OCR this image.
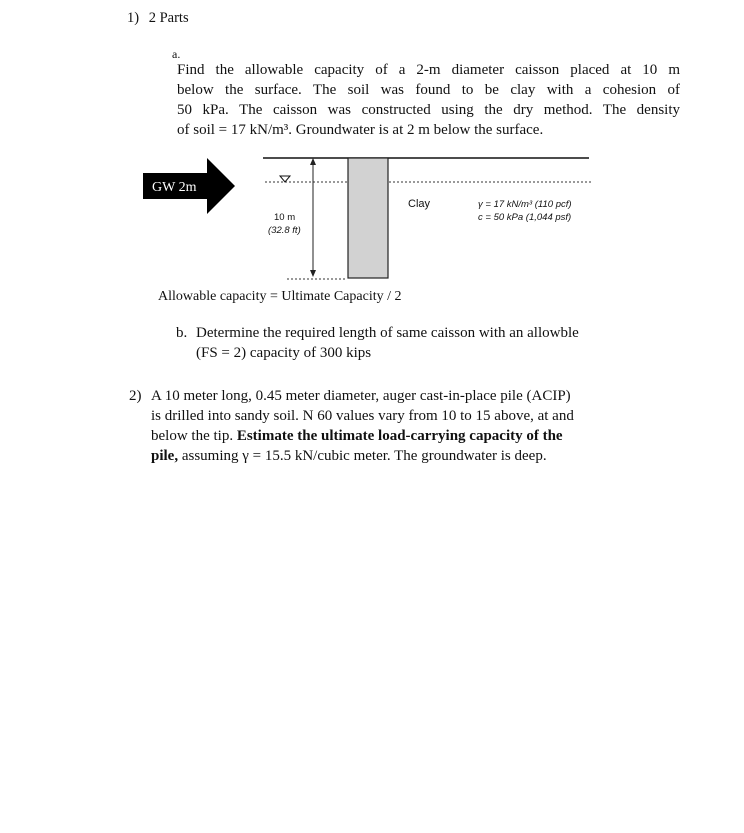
1) 2 Parts
a.
Find the allowable capacity of a 2-m diameter caisson placed at 10 m
below the surface. The soil was found to be clay with a cohesion of
50 kPa. The caisson was constructed using the dry method. The density
of soil = 17 kN/m³. Groundwater is at 2 m below the surface.
GW 2m
10 m
(32.8 ft)
Clay	γ = 17 kN/m³ (110 pcf)
c = 50 kPa (1,044 psf)
Allowable capacity = Ultimate Capacity / 2
b. Determine the required length of same caisson with an allowble
(FS = 2) capacity of 300 kips
2) A 10 meter long, 0.45 meter diameter, auger cast-in-place pile (ACIP)
is drilled into sandy soil. N 60 values vary from 10 to 15 above, at and
below the tip. Estimate the ultimate load-carrying capacity of the
pile, assuming γ = 15.5 kN/cubic meter. The groundwater is deep.
